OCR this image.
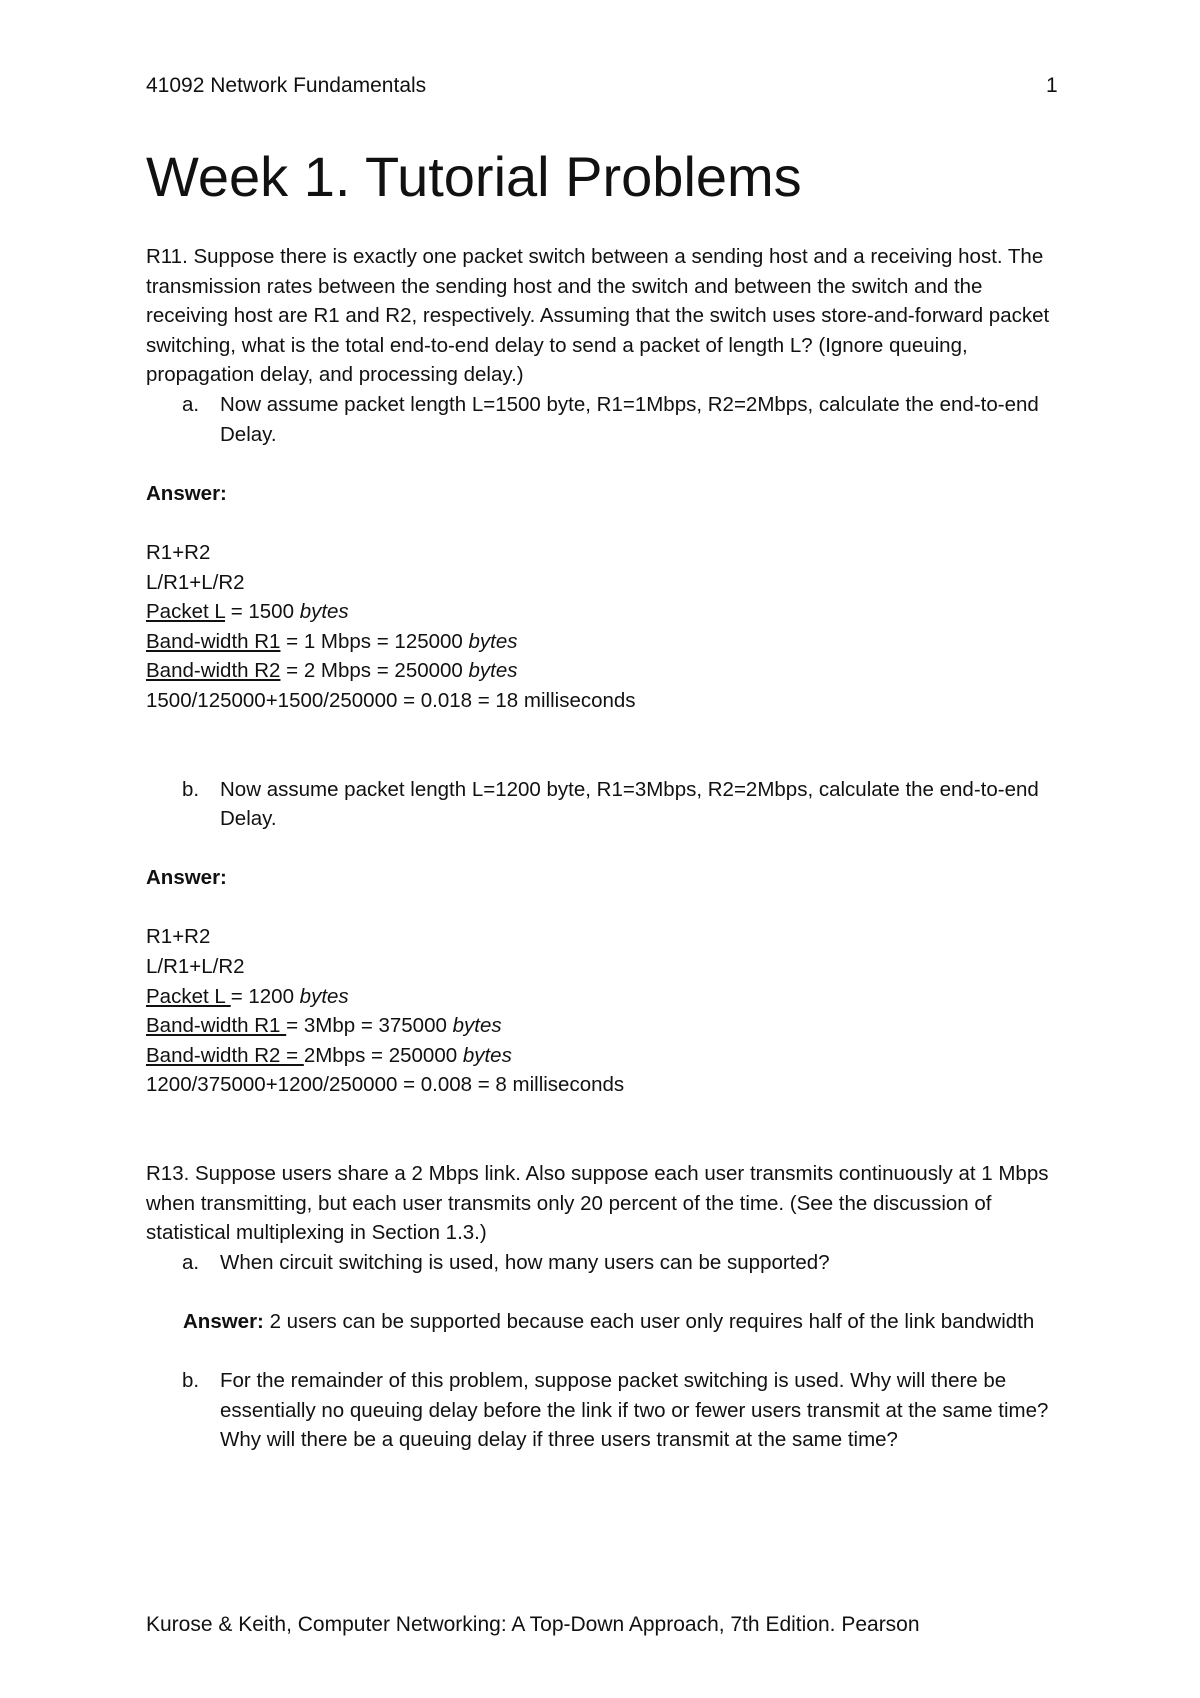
41092 Network Fundamentals	1
Week 1. Tutorial Problems

R11. Suppose there is exactly one packet switch between a sending host and a receiving host. The transmission rates between the sending host and the switch and between the switch and the receiving host are R1 and R2, respectively. Assuming that the switch uses store-and-forward packet switching, what is the total end-to-end delay to send a packet of length L? (Ignore queuing, propagation delay, and processing delay.)

a.	Now assume packet length L=1500 byte, R1=1Mbps, R2=2Mbps, calculate the end-to-end Delay.

Answer:

R1+R2

L/R1+L/R2

Packet L = 1500 bytes

Band-width R1 = 1 Mbps = 125000 bytes

Band-width R2 = 2 Mbps = 250000 bytes

1500/125000+1500/250000 = 0.018 = 18 milliseconds

b.	Now assume packet length L=1200 byte, R1=3Mbps, R2=2Mbps, calculate the end-to-end Delay.

Answer:

R1+R2

L/R1+L/R2

Packet L = 1200 bytes

Band-width R1 = 3Mbp = 375000 bytes

Band-width R2 = 2Mbps = 250000 bytes

1200/375000+1200/250000 = 0.008 = 8 milliseconds

R13. Suppose users share a 2 Mbps link. Also suppose each user transmits continuously at 1 Mbps when transmitting, but each user transmits only 20 percent of the time. (See the discussion of statistical multiplexing in Section 1.3.)

a.	When circuit switching is used, how many users can be supported?

Answer: 2 users can be supported because each user only requires half of the link bandwidth

b.	For the remainder of this problem, suppose packet switching is used. Why will there be essentially no queuing delay before the link if two or fewer users transmit at the same time? Why will there be a queuing delay if three users transmit at the same time?
Kurose & Keith, Computer Networking: A Top-Down Approach, 7th Edition. Pearson
